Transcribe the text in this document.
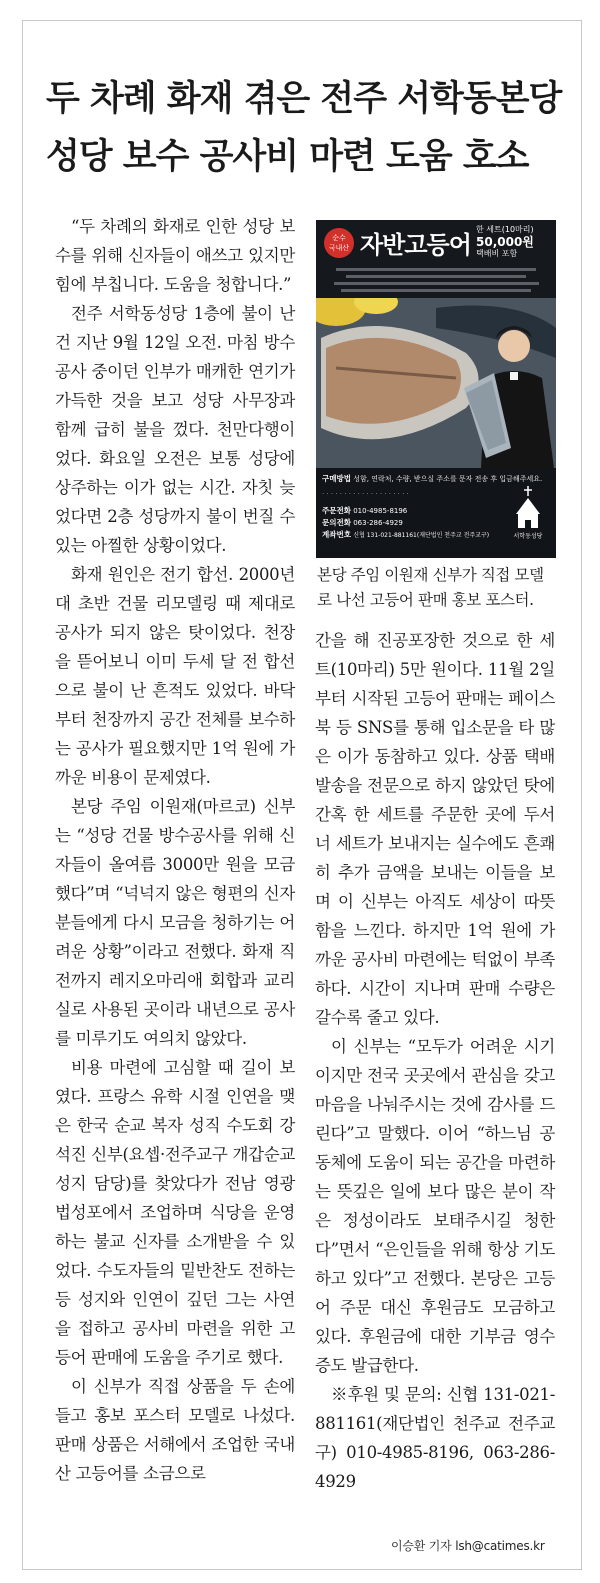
두 차례 화재 겪은 전주 서학동본당
성당 보수 공사비 마련 도움 호소

“두 차례의 화재로 인한 성당 보수를 위해 신자들이 애쓰고 있지만 힘에 부칩니다. 도움을 청합니다.”

전주 서학동성당 1층에 불이 난 건 지난 9월 12일 오전. 마침 방수공사 중이던 인부가 매캐한 연기가 가득한 것을 보고 성당 사무장과 함께 급히 불을 껐다. 천만다행이었다. 화요일 오전은 보통 성당에 상주하는 이가 없는 시간. 자칫 늦었다면 2층 성당까지 불이 번질 수 있는 아찔한 상황이었다.

화재 원인은 전기 합선. 2000년대 초반 건물 리모델링 때 제대로 공사가 되지 않은 탓이었다. 천장을 뜯어보니 이미 두세 달 전 합선으로 불이 난 흔적도 있었다. 바닥부터 천장까지 공간 전체를 보수하는 공사가 필요했지만 1억 원에 가까운 비용이 문제였다.

본당 주임 이원재(마르코) 신부는 “성당 건물 방수공사를 위해 신자들이 올여름 3000만 원을 모금했다”며 “넉넉지 않은 형편의 신자분들에게 다시 모금을 청하기는 어려운 상황”이라고 전했다. 화재 직전까지 레지오마리애 회합과 교리실로 사용된 곳이라 내년으로 공사를 미루기도 여의치 않았다.

비용 마련에 고심할 때 길이 보였다. 프랑스 유학 시절 인연을 맺은 한국 순교 복자 성직 수도회 강석진 신부(요셉·전주교구 개갑순교성지 담당)를 찾았다가 전남 영광 법성포에서 조업하며 식당을 운영하는 불교 신자를 소개받을 수 있었다. 수도자들의 밑반찬도 전하는 등 성지와 인연이 깊던 그는 사연을 접하고 공사비 마련을 위한 고등어 판매에 도움을 주기로 했다.

이 신부가 직접 상품을 두 손에 들고 홍보 포스터 모델로 나섰다. 판매 상품은 서해에서 조업한 국내산 고등어를 소금으로

순수
국내산 자반고등어
한 세트(10마리)
50,000원
택배비 포함
구매방법 성함, 연락처, 수량, 받으실 주소를 문자 전송 후 입금해주세요.
· · · · · · · · · · · · · · · · · · · ·
주문전화 010-4985-8196
문의전화 063-286-4929
계좌번호 신협 131-021-881161(재단법인 천주교 전주교구)	서학동성당
본당 주임 이원재 신부가 직접 모델로 나선 고등어 판매 홍보 포스터.

간을 해 진공포장한 것으로 한 세트(10마리) 5만 원이다. 11월 2일부터 시작된 고등어 판매는 페이스북 등 SNS를 통해 입소문을 타 많은 이가 동참하고 있다. 상품 택배 발송을 전문으로 하지 않았던 탓에 간혹 한 세트를 주문한 곳에 두서너 세트가 보내지는 실수에도 흔쾌히 추가 금액을 보내는 이들을 보며 이 신부는 아직도 세상이 따뜻함을 느낀다. 하지만 1억 원에 가까운 공사비 마련에는 턱없이 부족하다. 시간이 지나며 판매 수량은 갈수록 줄고 있다.

이 신부는 “모두가 어려운 시기이지만 전국 곳곳에서 관심을 갖고 마음을 나눠주시는 것에 감사를 드린다”고 말했다. 이어 “하느님 공동체에 도움이 되는 공간을 마련하는 뜻깊은 일에 보다 많은 분이 작은 정성이라도 보태주시길 청한다”면서 “은인들을 위해 항상 기도하고 있다”고 전했다. 본당은 고등어 주문 대신 후원금도 모금하고 있다. 후원금에 대한 기부금 영수증도 발급한다.

※후원 및 문의: 신협 131-021-881161(재단법인 천주교 전주교구) 010-4985-8196, 063-286-4929

이승환 기자 lsh@catimes.kr
